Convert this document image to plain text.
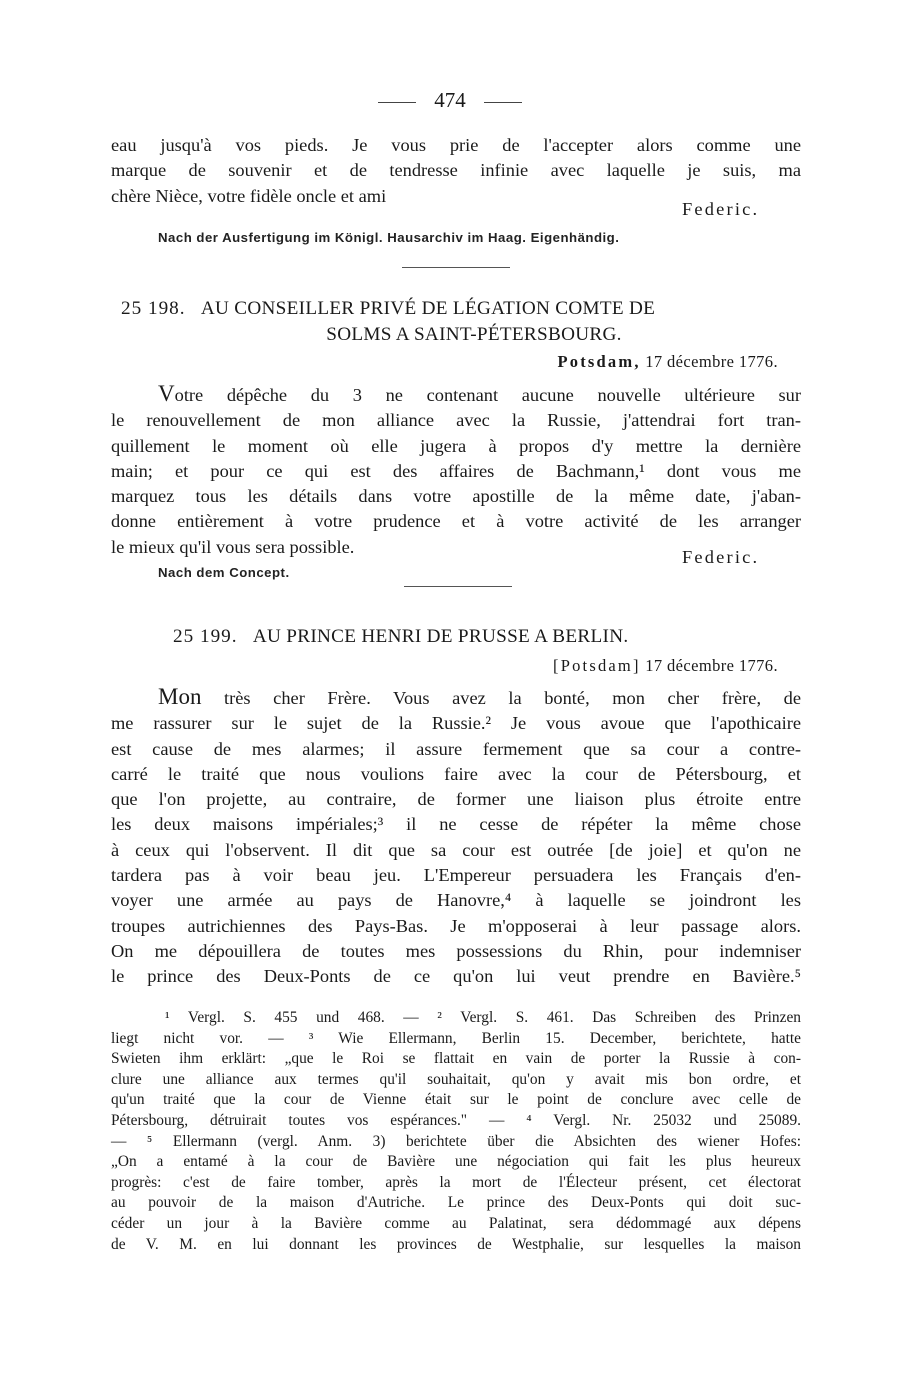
474
eau jusqu'à vos pieds. Je vous prie de l'accepter alors comme une
marque de souvenir et de tendresse infinie avec laquelle je suis, ma
chère Nièce, votre fidèle oncle et ami
Federic.
Nach der Ausfertigung im Königl. Hausarchiv im Haag. Eigenhändig.
25 198. AU CONSEILLER PRIVÉ DE LÉGATION COMTE DE
SOLMS A SAINT-PÉTERSBOURG.
Potsdam, 17 décembre 1776.
Votre dépêche du 3 ne contenant aucune nouvelle ultérieure sur
le renouvellement de mon alliance avec la Russie, j'attendrai fort tran-
quillement le moment où elle jugera à propos d'y mettre la dernière
main; et pour ce qui est des affaires de Bachmann,¹ dont vous me
marquez tous les détails dans votre apostille de la même date, j'aban-
donne entièrement à votre prudence et à votre activité de les arranger
le mieux qu'il vous sera possible.
Federic.
Nach dem Concept.
25 199. AU PRINCE HENRI DE PRUSSE A BERLIN.
[Potsdam] 17 décembre 1776.
Mon très cher Frère. Vous avez la bonté, mon cher frère, de
me rassurer sur le sujet de la Russie.² Je vous avoue que l'apothicaire
est cause de mes alarmes; il assure fermement que sa cour a contre-
carré le traité que nous voulions faire avec la cour de Pétersbourg, et
que l'on projette, au contraire, de former une liaison plus étroite entre
les deux maisons impériales;³ il ne cesse de répéter la même chose
à ceux qui l'observent. Il dit que sa cour est outrée [de joie] et qu'on ne
tardera pas à voir beau jeu. L'Empereur persuadera les Français d'en-
voyer une armée au pays de Hanovre,⁴ à laquelle se joindront les
troupes autrichiennes des Pays-Bas. Je m'opposerai à leur passage alors.
On me dépouillera de toutes mes possessions du Rhin, pour indemniser
le prince des Deux-Ponts de ce qu'on lui veut prendre en Bavière.⁵
¹ Vergl. S. 455 und 468. — ² Vergl. S. 461. Das Schreiben des Prinzen
liegt nicht vor. — ³ Wie Ellermann, Berlin 15. December, berichtete, hatte
Swieten ihm erklärt: „que le Roi se flattait en vain de porter la Russie à con-
clure une alliance aux termes qu'il souhaitait, qu'on y avait mis bon ordre, et
qu'un traité que la cour de Vienne était sur le point de conclure avec celle de
Pétersbourg, détruirait toutes vos espérances." — ⁴ Vergl. Nr. 25032 und 25089.
— ⁵ Ellermann (vergl. Anm. 3) berichtete über die Absichten des wiener Hofes:
„On a entamé à la cour de Bavière une négociation qui fait les plus heureux
progrès: c'est de faire tomber, après la mort de l'Électeur présent, cet électorat
au pouvoir de la maison d'Autriche. Le prince des Deux-Ponts qui doit suc-
céder un jour à la Bavière comme au Palatinat, sera dédommagé aux dépens
de V. M. en lui donnant les provinces de Westphalie, sur lesquelles la maison
